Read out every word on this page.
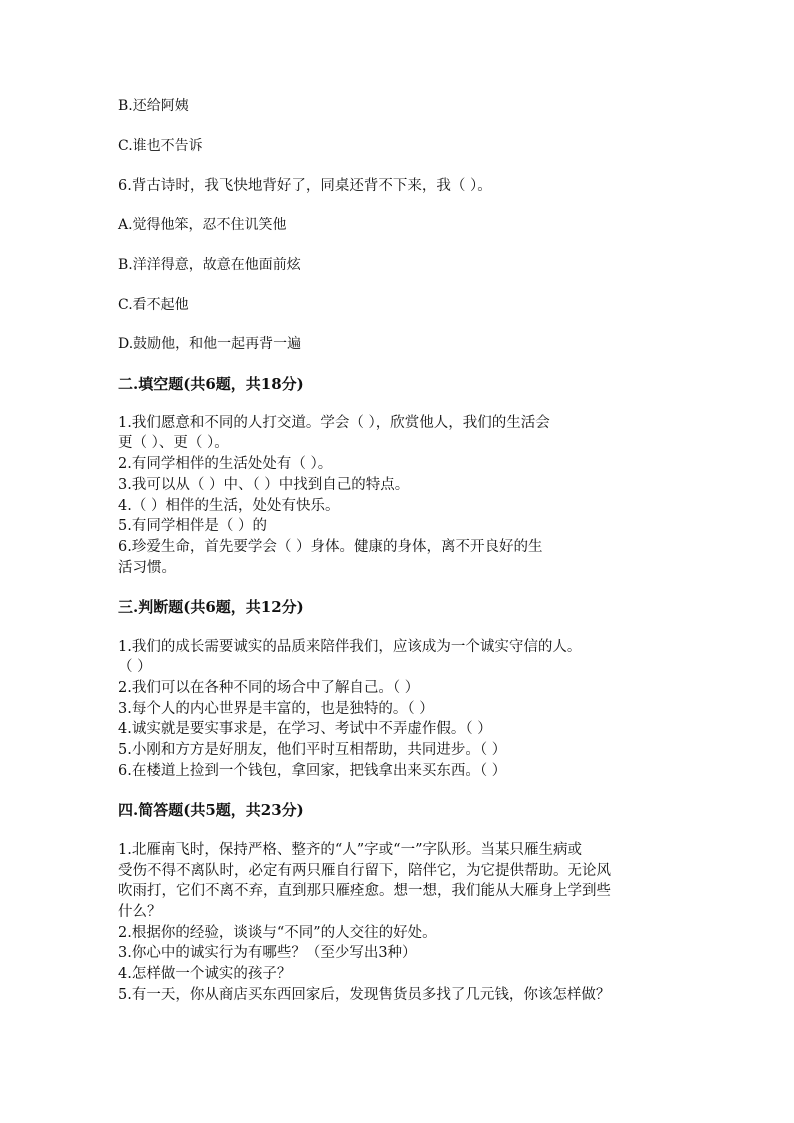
B.还给阿姨

C.谁也不告诉

6.背古诗时，我飞快地背好了，同桌还背不下来，我（ ）。

A.觉得他笨，忍不住讥笑他

B.洋洋得意，故意在他面前炫

C.看不起他

D.鼓励他，和他一起再背一遍

二.填空题(共6题，共18分)

1.我们愿意和不同的人打交道。学会（ ），欣赏他人，我们的生活会

更（ ）、更（ ）。

2.有同学相伴的生活处处有（ ）。

3.我可以从（ ）中、（ ）中找到自己的特点。

4.（ ）相伴的生活，处处有快乐。

5.有同学相伴是（ ）的

6.珍爱生命，首先要学会（ ）身体。健康的身体，离不开良好的生

活习惯。

三.判断题(共6题，共12分)

1.我们的成长需要诚实的品质来陪伴我们，应该成为一个诚实守信的人。

（ ）

2.我们可以在各种不同的场合中了解自己。（ ）

3.每个人的内心世界是丰富的，也是独特的。（ ）

4.诚实就是要实事求是，在学习、考试中不弄虚作假。（ ）

5.小刚和方方是好朋友，他们平时互相帮助，共同进步。（ ）

6.在楼道上捡到一个钱包，拿回家，把钱拿出来买东西。（ ）

四.简答题(共5题，共23分)

1.北雁南飞时，保持严格、整齐的“人”字或“一”字队形。当某只雁生病或

受伤不得不离队时，必定有两只雁自行留下，陪伴它，为它提供帮助。无论风

吹雨打，它们不离不弃，直到那只雁痊愈。想一想，我们能从大雁身上学到些

什么？

2.根据你的经验，谈谈与“不同”的人交往的好处。

3.你心中的诚实行为有哪些？（至少写出3种）

4.怎样做一个诚实的孩子？

5.有一天，你从商店买东西回家后，发现售货员多找了几元钱，你该怎样做？
